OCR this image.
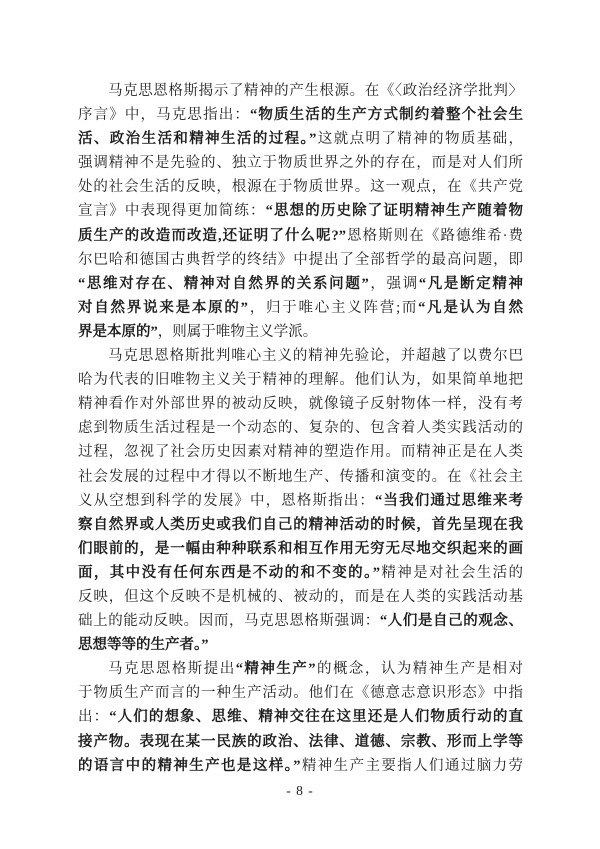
马克思恩格斯揭示了精神的产生根源。在《〈政治经济学批判〉
序言》中，马克思指出：“物质生活的生产方式制约着整个社会生
活、政治生活和精神生活的过程。”这就点明了精神的物质基础，
强调精神不是先验的、独立于物质世界之外的存在，而是对人们所
处的社会生活的反映，根源在于物质世界。这一观点，在《共产党
宣言》中表现得更加简练：“思想的历史除了证明精神生产随着物
质生产的改造而改造,还证明了什么呢?”恩格斯则在《路德维希·费
尔巴哈和德国古典哲学的终结》中提出了全部哲学的最高问题，即
“思维对存在、精神对自然界的关系问题”，强调“凡是断定精神
对自然界说来是本原的”，归于唯心主义阵营;而“凡是认为自然
界是本原的”，则属于唯物主义学派。
马克思恩格斯批判唯心主义的精神先验论，并超越了以费尔巴
哈为代表的旧唯物主义关于精神的理解。他们认为，如果简单地把
精神看作对外部世界的被动反映，就像镜子反射物体一样，没有考
虑到物质生活过程是一个动态的、复杂的、包含着人类实践活动的
过程，忽视了社会历史因素对精神的塑造作用。而精神正是在人类
社会发展的过程中才得以不断地生产、传播和演变的。在《社会主
义从空想到科学的发展》中，恩格斯指出：“当我们通过思维来考
察自然界或人类历史或我们自己的精神活动的时候，首先呈现在我
们眼前的，是一幅由种种联系和相互作用无穷无尽地交织起来的画
面，其中没有任何东西是不动的和不变的。”精神是对社会生活的
反映，但这个反映不是机械的、被动的，而是在人类的实践活动基
础上的能动反映。因而，马克思恩格斯强调：“人们是自己的观念、
思想等等的生产者。”
马克思恩格斯提出“精神生产”的概念，认为精神生产是相对
于物质生产而言的一种生产活动。他们在《德意志意识形态》中指
出：“人们的想象、思维、精神交往在这里还是人们物质行动的直
接产物。表现在某一民族的政治、法律、道德、宗教、形而上学等
的语言中的精神生产也是这样。”精神生产主要指人们通过脑力劳
- 8 -
